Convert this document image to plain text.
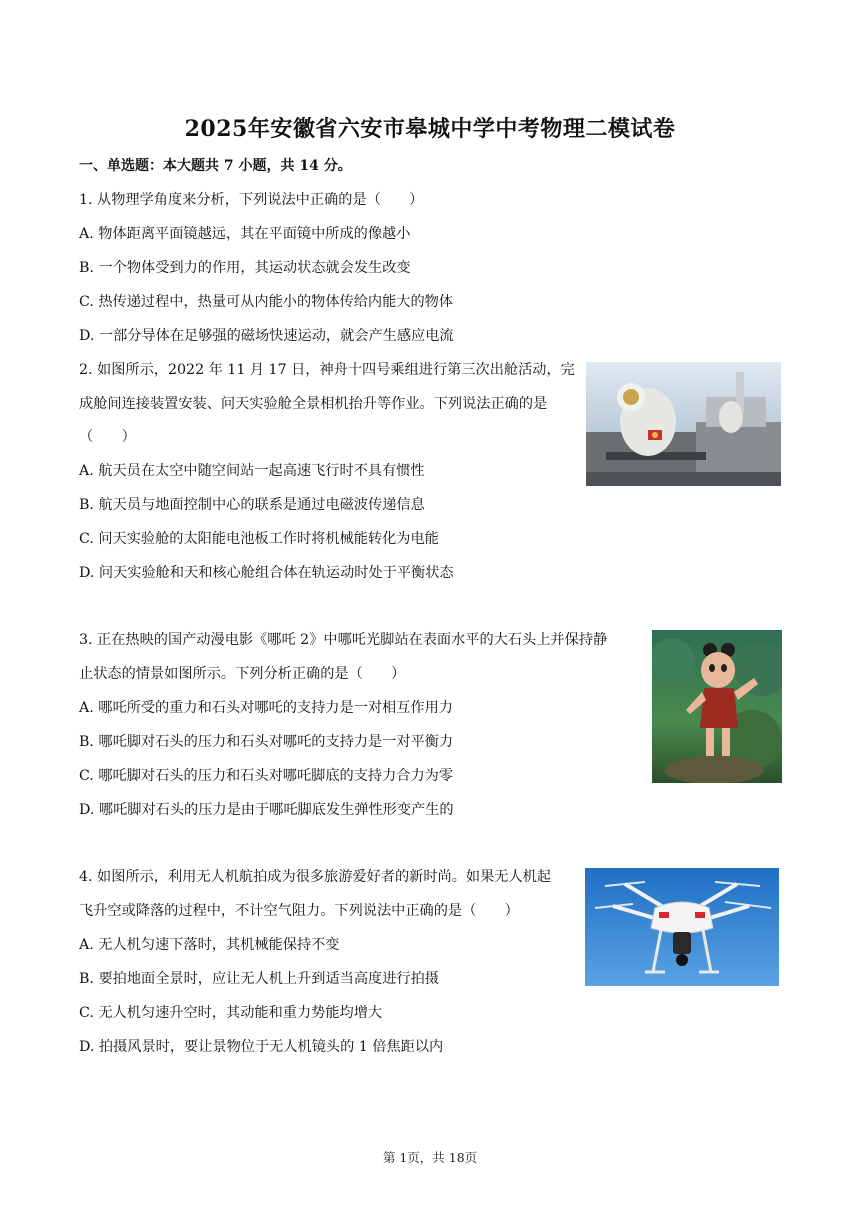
2025年安徽省六安市皋城中学中考物理二模试卷
一、单选题：本大题共 7 小题，共 14 分。
1. 从物理学角度来分析，下列说法中正确的是（　　）
A. 物体距离平面镜越远，其在平面镜中所成的像越小
B. 一个物体受到力的作用，其运动状态就会发生改变
C. 热传递过程中，热量可从内能小的物体传给内能大的物体
D. 一部分导体在足够强的磁场快速运动，就会产生感应电流
2. 如图所示，2022 年 11 月 17 日，神舟十四号乘组进行第三次出舱活动，完
成舱间连接装置安装、问天实验舱全景相机抬升等作业。下列说法正确的是
（　　）
A. 航天员在太空中随空间站一起高速飞行时不具有惯性
B. 航天员与地面控制中心的联系是通过电磁波传递信息
C. 问天实验舱的太阳能电池板工作时将机械能转化为电能
D. 问天实验舱和天和核心舱组合体在轨运动时处于平衡状态
3. 正在热映的国产动漫电影《哪吒 2》中哪吒光脚站在表面水平的大石头上并保持静
止状态的情景如图所示。下列分析正确的是（　　）
A. 哪吒所受的重力和石头对哪吒的支持力是一对相互作用力
B. 哪吒脚对石头的压力和石头对哪吒的支持力是一对平衡力
C. 哪吒脚对石头的压力和石头对哪吒脚底的支持力合力为零
D. 哪吒脚对石头的压力是由于哪吒脚底发生弹性形变产生的
4. 如图所示，利用无人机航拍成为很多旅游爱好者的新时尚。如果无人机起
飞升空或降落的过程中，不计空气阻力。下列说法中正确的是（　　）
A. 无人机匀速下落时，其机械能保持不变
B. 要拍地面全景时，应让无人机上升到适当高度进行拍摄
C. 无人机匀速升空时，其动能和重力势能均增大
D. 拍摄风景时，要让景物位于无人机镜头的 1 倍焦距以内
第 1页，共 18页
